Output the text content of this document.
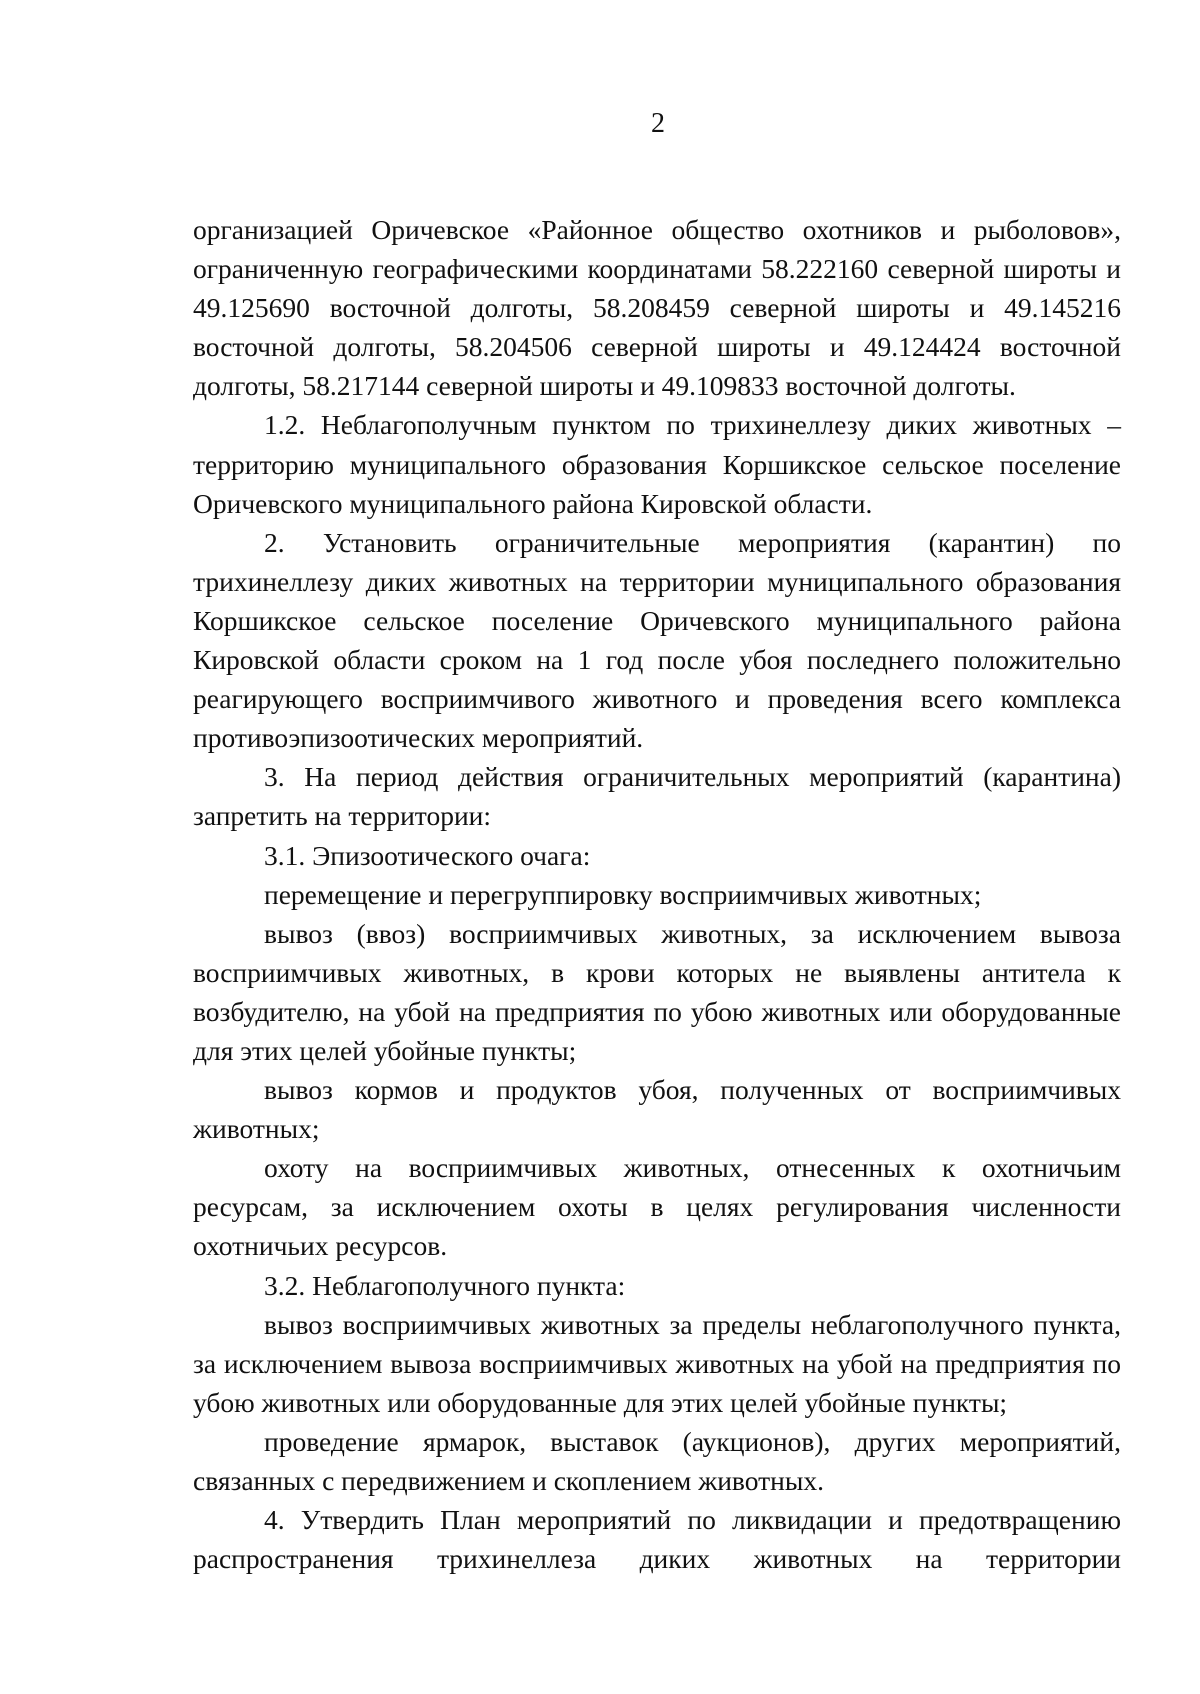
2

организацией Оричевское «Районное общество охотников и рыболовов», ограниченную географическими координатами 58.222160 северной широты и 49.125690 восточной долготы, 58.208459 северной широты и 49.145216 восточной долготы, 58.204506 северной широты и 49.124424 восточной долготы, 58.217144 северной широты и 49.109833 восточной долготы.

1.2. Неблагополучным пунктом по трихинеллезу диких животных – территорию муниципального образования Коршикское сельское поселение Оричевского муниципального района Кировской области.

2. Установить ограничительные мероприятия (карантин) по трихинеллезу диких животных на территории муниципального образования Коршикское сельское поселение Оричевского муниципального района Кировской области сроком на 1 год после убоя последнего положительно реагирующего восприимчивого животного и проведения всего комплекса противоэпизоотических мероприятий.

3. На период действия ограничительных мероприятий (карантина) запретить на территории:

3.1. Эпизоотического очага:

перемещение и перегруппировку восприимчивых животных;

вывоз (ввоз) восприимчивых животных, за исключением вывоза восприимчивых животных, в крови которых не выявлены антитела к возбудителю, на убой на предприятия по убою животных или оборудованные для этих целей убойные пункты;

вывоз кормов и продуктов убоя, полученных от восприимчивых животных;

охоту на восприимчивых животных, отнесенных к охотничьим ресурсам, за исключением охоты в целях регулирования численности охотничьих ресурсов.

3.2. Неблагополучного пункта:

вывоз восприимчивых животных за пределы неблагополучного пункта, за исключением вывоза восприимчивых животных на убой на предприятия по убою животных или оборудованные для этих целей убойные пункты;

проведение ярмарок, выставок (аукционов), других мероприятий, связанных с передвижением и скоплением животных.

4. Утвердить План мероприятий по ликвидации и предотвращению распространения трихинеллеза диких животных на территории
